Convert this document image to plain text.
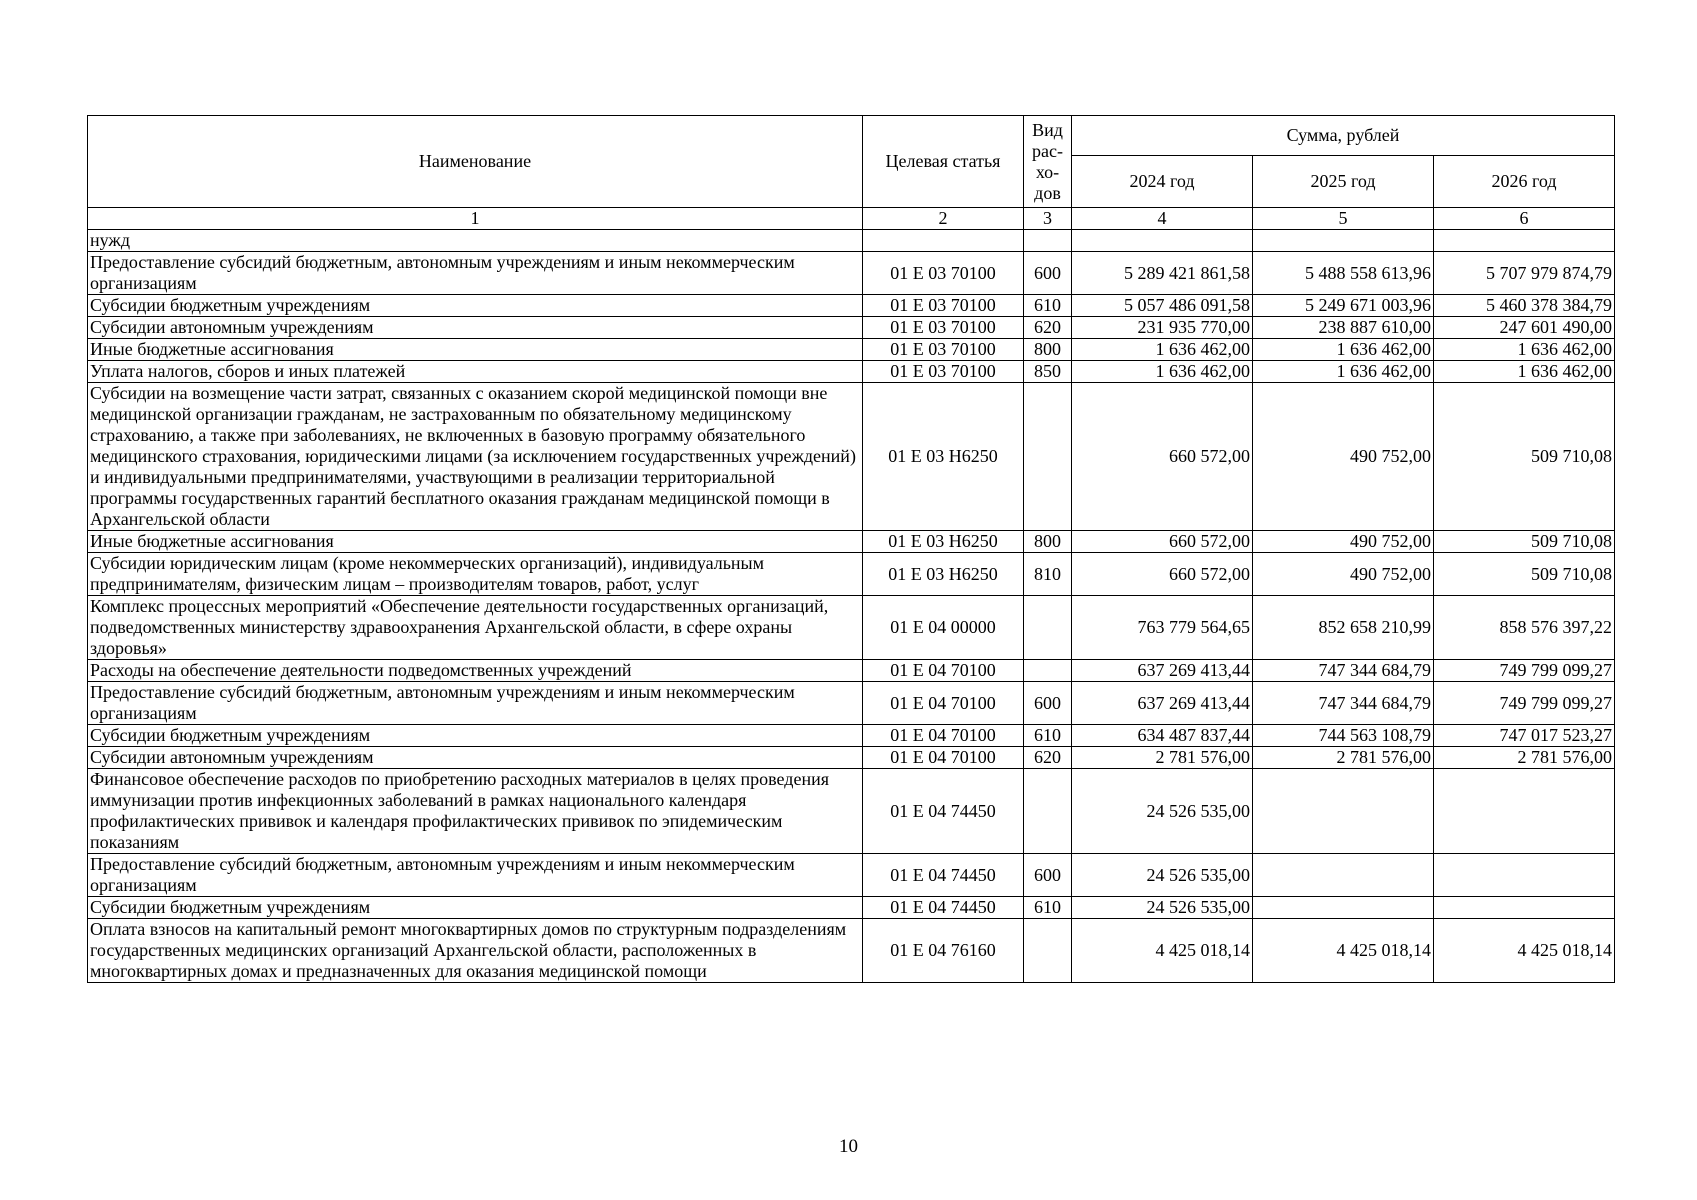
Наименование	Целевая статья	Вид
рас-
хо-
дов	Сумма, рублей		
			2024 год	2025 год	2026 год
1	2	3	4	5	6
нужд					
Предоставление субсидий бюджетным, автономным учреждениям и иным некоммерческим организациям	01 Е 03 70100	600	5 289 421 861,58	5 488 558 613,96	5 707 979 874,79
Субсидии бюджетным учреждениям	01 Е 03 70100	610	5 057 486 091,58	5 249 671 003,96	5 460 378 384,79
Субсидии автономным учреждениям	01 Е 03 70100	620	231 935 770,00	238 887 610,00	247 601 490,00
Иные бюджетные ассигнования	01 Е 03 70100	800	1 636 462,00	1 636 462,00	1 636 462,00
Уплата налогов, сборов и иных платежей	01 Е 03 70100	850	1 636 462,00	1 636 462,00	1 636 462,00
Субсидии на возмещение части затрат, связанных с оказанием скорой медицинской помощи вне медицинской организации гражданам, не застрахованным по обязательному медицинскому страхованию, а также при заболеваниях, не включенных в базовую программу обязательного медицинского страхования, юридическими лицами (за исключением государственных учреждений) и индивидуальными предпринимателями, участвующими в реализации территориальной программы государственных гарантий бесплатного оказания гражданам медицинской помощи в Архангельской области	01 Е 03 Н6250		660 572,00	490 752,00	509 710,08
Иные бюджетные ассигнования	01 Е 03 Н6250	800	660 572,00	490 752,00	509 710,08
Субсидии юридическим лицам (кроме некоммерческих организаций), индивидуальным предпринимателям, физическим лицам – производителям товаров, работ, услуг	01 Е 03 Н6250	810	660 572,00	490 752,00	509 710,08
Комплекс процессных мероприятий «Обеспечение деятельности государственных организаций, подведомственных министерству здравоохранения Архангельской области, в сфере охраны здоровья»	01 Е 04 00000		763 779 564,65	852 658 210,99	858 576 397,22
Расходы на обеспечение деятельности подведомственных учреждений	01 Е 04 70100		637 269 413,44	747 344 684,79	749 799 099,27
Предоставление субсидий бюджетным, автономным учреждениям и иным некоммерческим организациям	01 Е 04 70100	600	637 269 413,44	747 344 684,79	749 799 099,27
Субсидии бюджетным учреждениям	01 Е 04 70100	610	634 487 837,44	744 563 108,79	747 017 523,27
Субсидии автономным учреждениям	01 Е 04 70100	620	2 781 576,00	2 781 576,00	2 781 576,00
Финансовое обеспечение расходов по приобретению расходных материалов в целях проведения иммунизации против инфекционных заболеваний в рамках национального календаря профилактических прививок и календаря профилактических прививок по эпидемическим показаниям	01 Е 04 74450		24 526 535,00		
Предоставление субсидий бюджетным, автономным учреждениям и иным некоммерческим организациям	01 Е 04 74450	600	24 526 535,00		
Субсидии бюджетным учреждениям	01 Е 04 74450	610	24 526 535,00		
Оплата взносов на капитальный ремонт многоквартирных домов по структурным подразделениям государственных медицинских организаций Архангельской области, расположенных в многоквартирных домах и предназначенных для оказания медицинской помощи	01 Е 04 76160		4 425 018,14	4 425 018,14	4 425 018,14
10
